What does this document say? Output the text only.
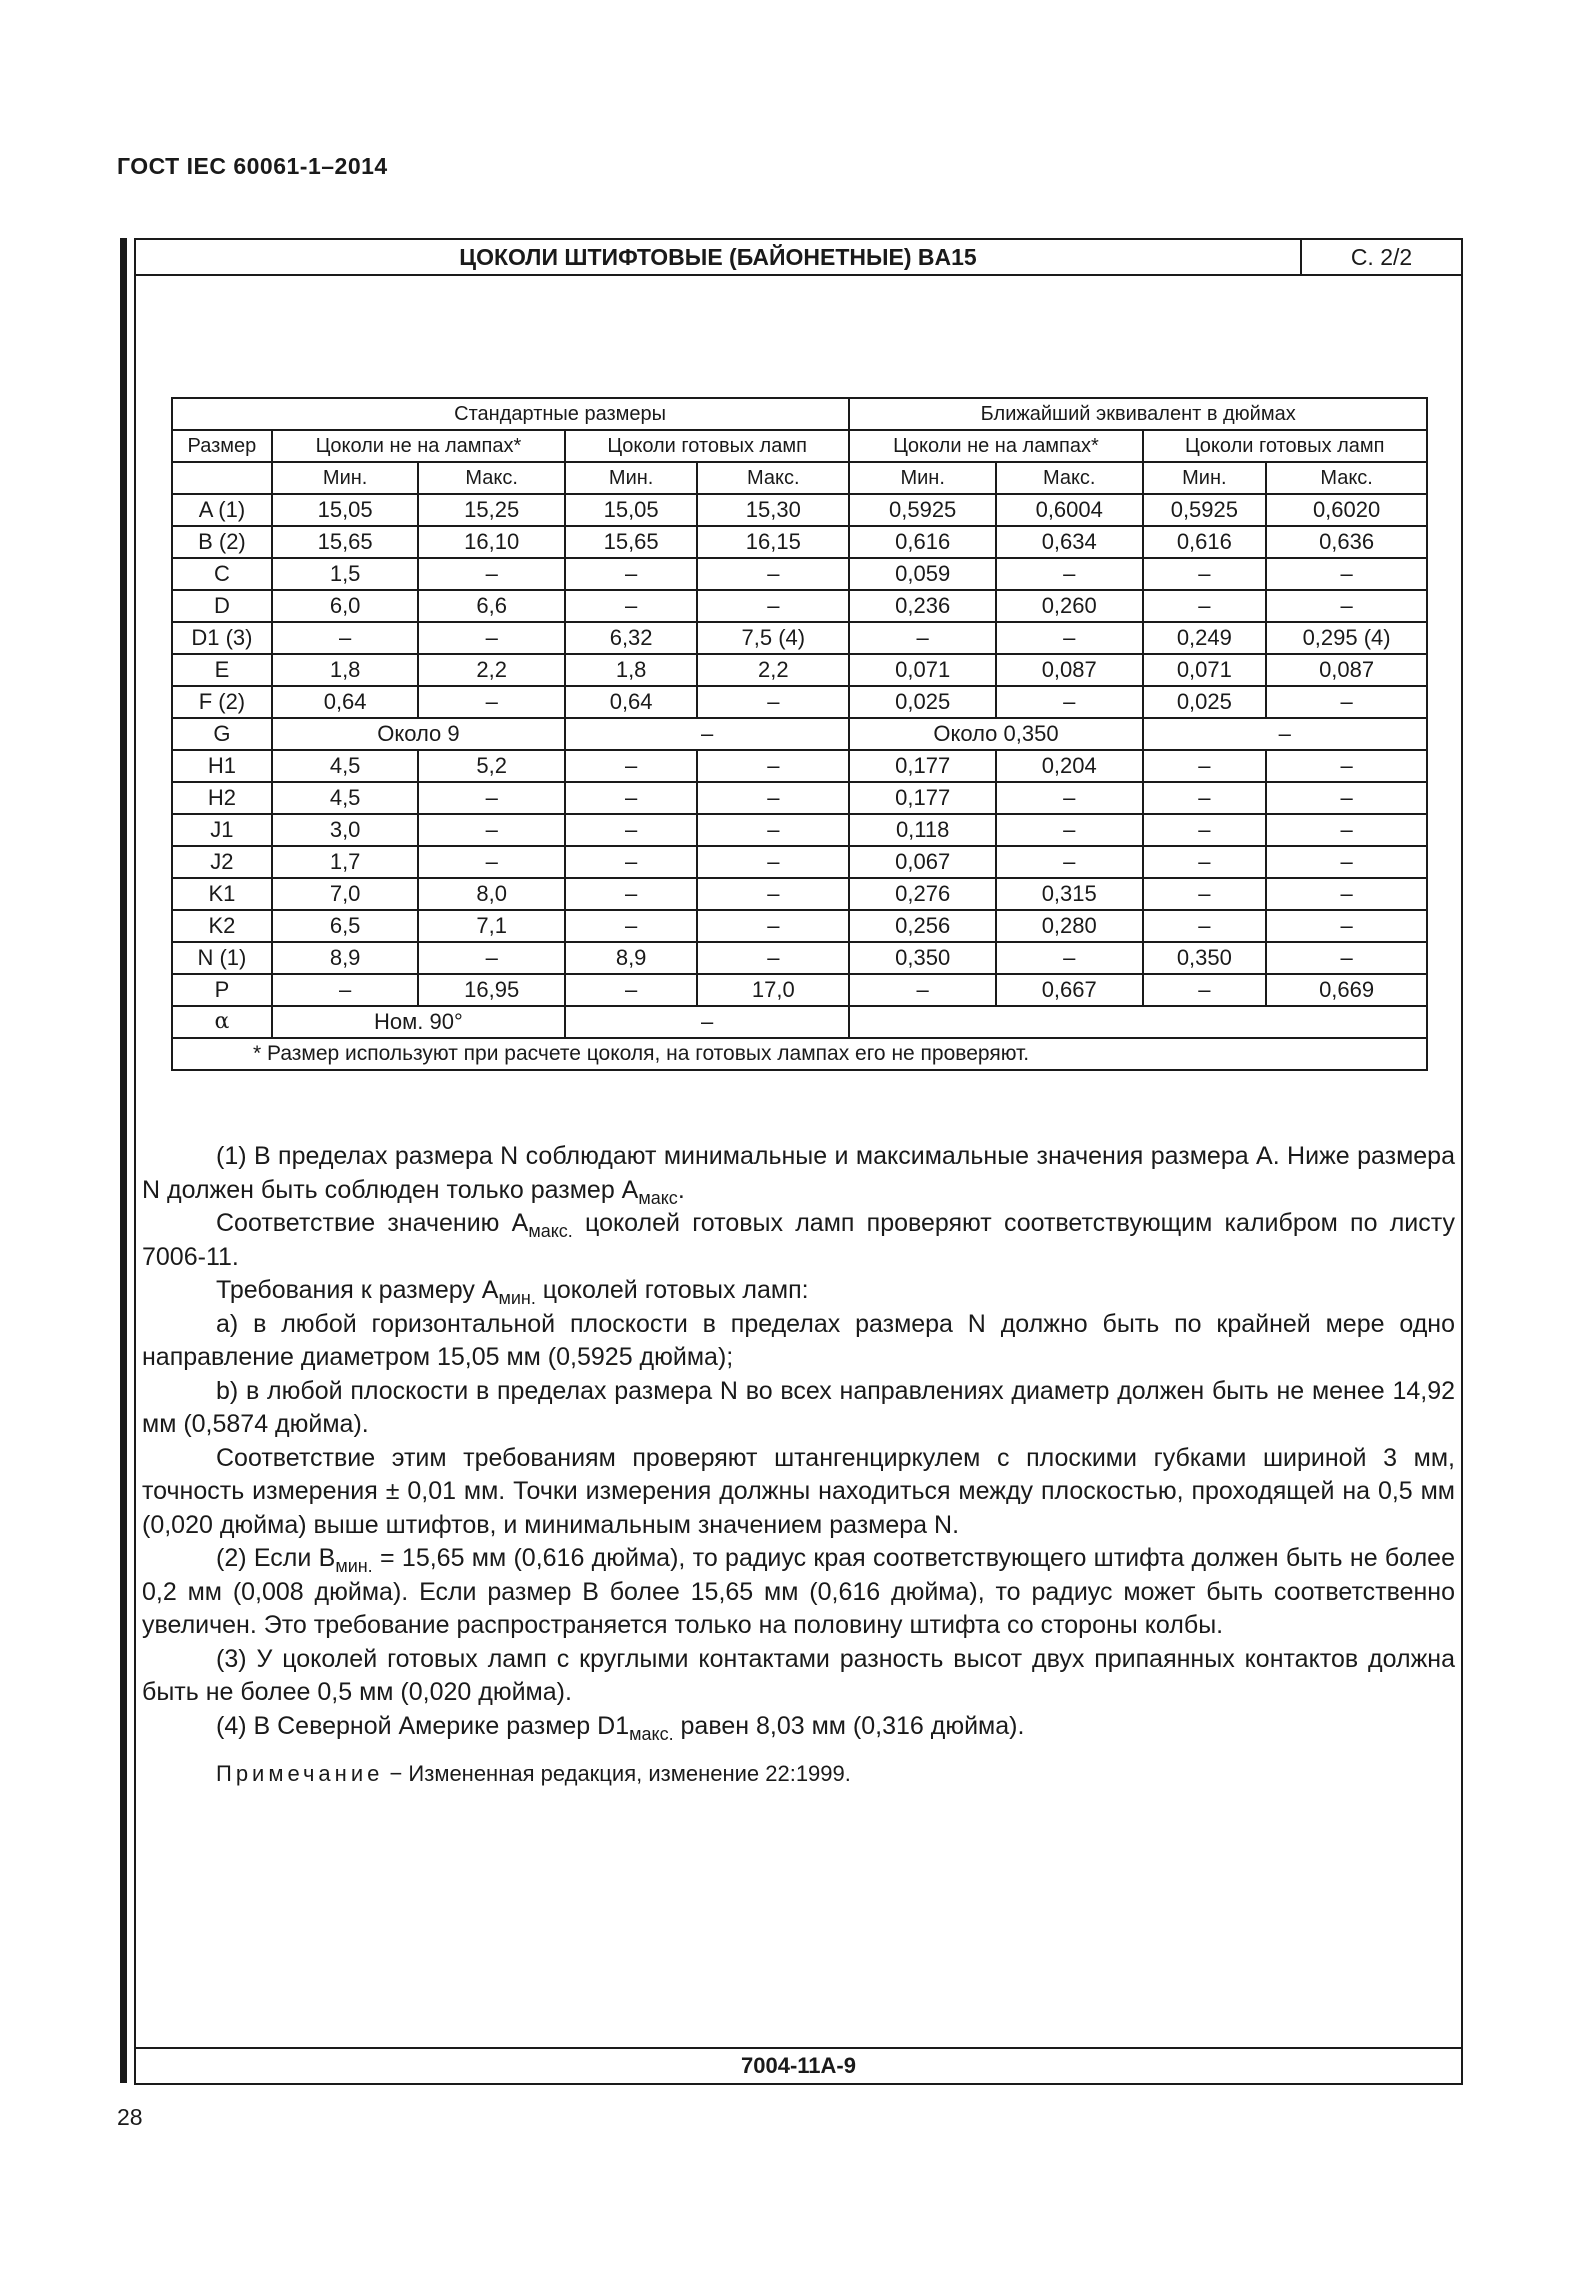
ГОСТ IEC 60061-1–2014
ЦОКОЛИ ШТИФТОВЫЕ (БАЙОНЕТНЫЕ) BA15	С. 2/2
	Стандартные размеры				Ближайший эквивалент в дюймах			
Размер	Цоколи не на лампах*		Цоколи готовых ламп		Цоколи не на лампах*		Цоколи готовых ламп	
	Мин.	Макс.	Мин.	Макс.	Мин.	Макс.	Мин.	Макс.
A (1)	15,05	15,25	15,05	15,30	0,5925	0,6004	0,5925	0,6020
B (2)	15,65	16,10	15,65	16,15	0,616	0,634	0,616	0,636
C	1,5	–	–	–	0,059	–	–	–
D	6,0	6,6	–	–	0,236	0,260	–	–
D1 (3)	–	–	6,32	7,5 (4)	–	–	0,249	0,295 (4)
E	1,8	2,2	1,8	2,2	0,071	0,087	0,071	0,087
F (2)	0,64	–	0,64	–	0,025	–	0,025	–
G	Около 9		–		Около 0,350		–	
H1	4,5	5,2	–	–	0,177	0,204	–	–
H2	4,5	–	–	–	0,177	–	–	–
J1	3,0	–	–	–	0,118	–	–	–
J2	1,7	–	–	–	0,067	–	–	–
K1	7,0	8,0	–	–	0,276	0,315	–	–
K2	6,5	7,1	–	–	0,256	0,280	–	–
N (1)	8,9	–	8,9	–	0,350	–	0,350	–
P	–	16,95	–	17,0	–	0,667	–	0,669
α	Ном. 90°		–					
* Размер используют при расчете цоколя, на готовых лампах его не проверяют.								

(1) В пределах размера N соблюдают минимальные и максимальные значения размера А. Ниже размера N должен быть соблюден только размер $А_{макс}$.

Соответствие значению $А_{макс.}$ цоколей готовых ламп проверяют соответствующим калибром по листу 7006-11.

Требования к размеру $А_{мин.}$ цоколей готовых ламп:

a) в любой горизонтальной плоскости в пределах размера N должно быть по крайней мере одно направление диаметром 15,05 мм (0,5925 дюйма);

b) в любой плоскости в пределах размера N во всех направлениях диаметр должен быть не менее 14,92 мм (0,5874 дюйма).

Соответствие этим требованиям проверяют штангенциркулем с плоскими губками шириной 3 мм, точность измерения ± 0,01 мм. Точки измерения должны находиться между плоскостью, проходящей на 0,5 мм (0,020 дюйма) выше штифтов, и минимальным значением размера N.

(2) Если $В_{мин.} = 15,65$ мм (0,616 дюйма), то радиус края соответствующего штифта должен быть не более 0,2 мм (0,008 дюйма). Если размер В более 15,65 мм (0,616 дюйма), то радиус может быть соответственно увеличен. Это требование распространяется только на половину штифта со стороны колбы.

(3) У цоколей готовых ламп с круглыми контактами разность высот двух припаянных контактов должна быть не более 0,5 мм (0,020 дюйма).

(4) В Северной Америке размер $D1_{макс.}$ равен 8,03 мм (0,316 дюйма).

Примечание − Измененная редакция, изменение 22:1999.

7004-11A-9
28
